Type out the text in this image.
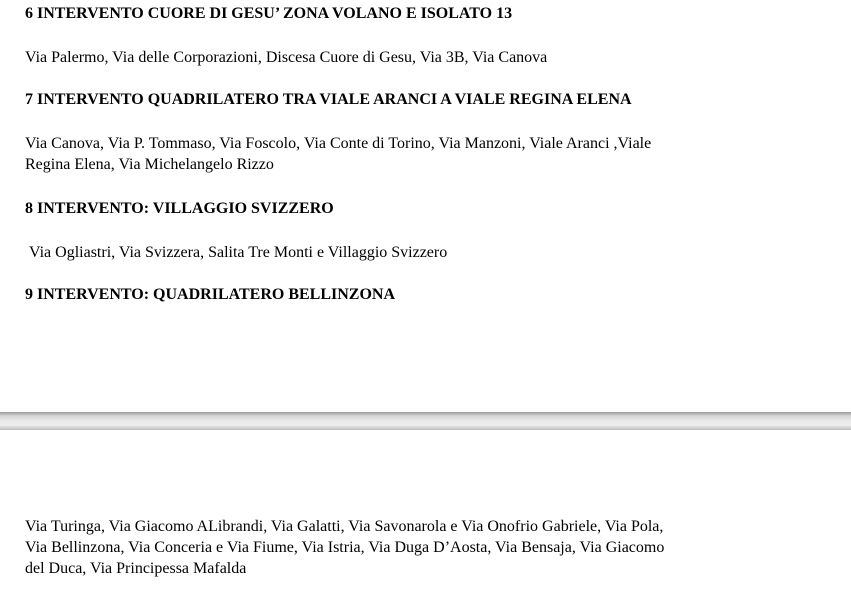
6 INTERVENTO CUORE DI GESU’ ZONA VOLANO E ISOLATO 13

Via Palermo, Via delle Corporazioni, Discesa Cuore di Gesu, Via 3B, Via Canova

7 INTERVENTO QUADRILATERO TRA VIALE ARANCI A VIALE REGINA ELENA

Via Canova, Via P. Tommaso, Via Foscolo, Via Conte di Torino, Via Manzoni, Viale Aranci ,Viale
Regina Elena, Via Michelangelo Rizzo

8 INTERVENTO: VILLAGGIO SVIZZERO

Via Ogliastri, Via Svizzera, Salita Tre Monti e Villaggio Svizzero

9 INTERVENTO: QUADRILATERO BELLINZONA

Via Turinga, Via Giacomo ALibrandi, Via Galatti, Via Savonarola e Via Onofrio Gabriele, Via Pola,
Via Bellinzona, Via Conceria e Via Fiume, Via Istria, Via Duga D’Aosta, Via Bensaja, Via Giacomo
del Duca, Via Principessa Mafalda
